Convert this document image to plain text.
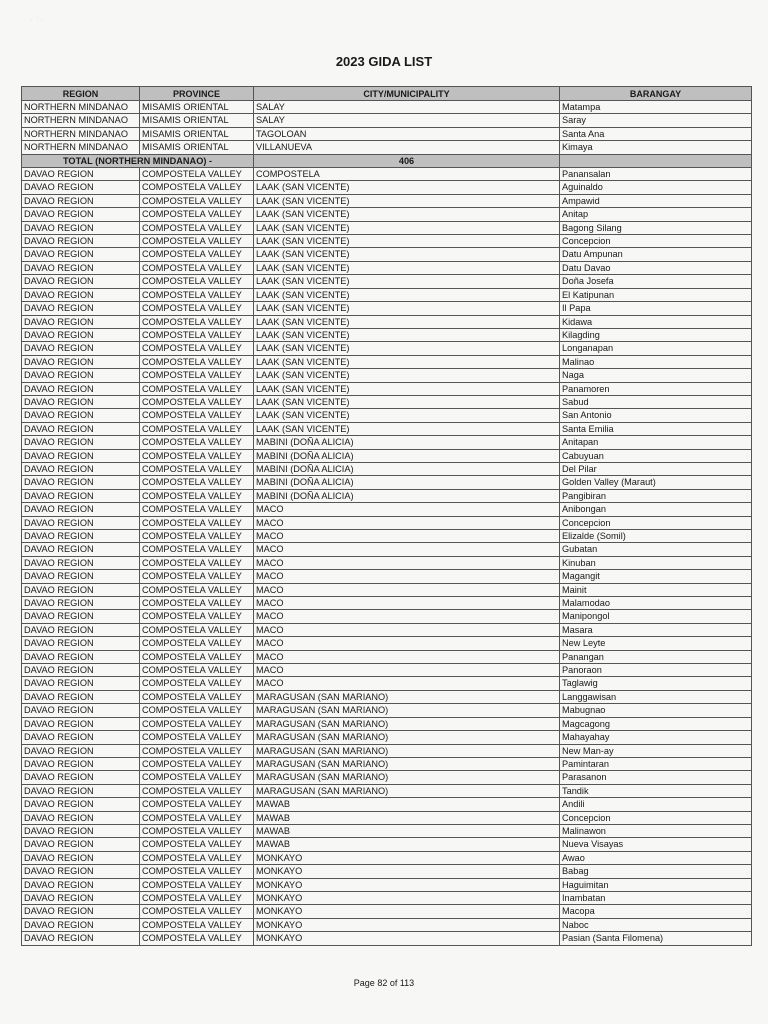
·   ˙ ·
2023 GIDA LIST
REGION	PROVINCE	CITY/MUNICIPALITY	BARANGAY
NORTHERN MINDANAO	MISAMIS ORIENTAL	SALAY	Matampa
NORTHERN MINDANAO	MISAMIS ORIENTAL	SALAY	Saray
NORTHERN MINDANAO	MISAMIS ORIENTAL	TAGOLOAN	Santa Ana
NORTHERN MINDANAO	MISAMIS ORIENTAL	VILLANUEVA	Kimaya
TOTAL (NORTHERN MINDANAO) -		406	
DAVAO REGION	COMPOSTELA VALLEY	COMPOSTELA	Panansalan
DAVAO REGION	COMPOSTELA VALLEY	LAAK (SAN VICENTE)	Aguinaldo
DAVAO REGION	COMPOSTELA VALLEY	LAAK (SAN VICENTE)	Ampawid
DAVAO REGION	COMPOSTELA VALLEY	LAAK (SAN VICENTE)	Anitap
DAVAO REGION	COMPOSTELA VALLEY	LAAK (SAN VICENTE)	Bagong Silang
DAVAO REGION	COMPOSTELA VALLEY	LAAK (SAN VICENTE)	Concepcion
DAVAO REGION	COMPOSTELA VALLEY	LAAK (SAN VICENTE)	Datu Ampunan
DAVAO REGION	COMPOSTELA VALLEY	LAAK (SAN VICENTE)	Datu Davao
DAVAO REGION	COMPOSTELA VALLEY	LAAK (SAN VICENTE)	Doña Josefa
DAVAO REGION	COMPOSTELA VALLEY	LAAK (SAN VICENTE)	El Katipunan
DAVAO REGION	COMPOSTELA VALLEY	LAAK (SAN VICENTE)	Il Papa
DAVAO REGION	COMPOSTELA VALLEY	LAAK (SAN VICENTE)	Kidawa
DAVAO REGION	COMPOSTELA VALLEY	LAAK (SAN VICENTE)	Kilagding
DAVAO REGION	COMPOSTELA VALLEY	LAAK (SAN VICENTE)	Longanapan
DAVAO REGION	COMPOSTELA VALLEY	LAAK (SAN VICENTE)	Malinao
DAVAO REGION	COMPOSTELA VALLEY	LAAK (SAN VICENTE)	Naga
DAVAO REGION	COMPOSTELA VALLEY	LAAK (SAN VICENTE)	Panamoren
DAVAO REGION	COMPOSTELA VALLEY	LAAK (SAN VICENTE)	Sabud
DAVAO REGION	COMPOSTELA VALLEY	LAAK (SAN VICENTE)	San Antonio
DAVAO REGION	COMPOSTELA VALLEY	LAAK (SAN VICENTE)	Santa Emilia
DAVAO REGION	COMPOSTELA VALLEY	MABINI (DOÑA ALICIA)	Anitapan
DAVAO REGION	COMPOSTELA VALLEY	MABINI (DOÑA ALICIA)	Cabuyuan
DAVAO REGION	COMPOSTELA VALLEY	MABINI (DOÑA ALICIA)	Del Pilar
DAVAO REGION	COMPOSTELA VALLEY	MABINI (DOÑA ALICIA)	Golden Valley (Maraut)
DAVAO REGION	COMPOSTELA VALLEY	MABINI (DOÑA ALICIA)	Pangibiran
DAVAO REGION	COMPOSTELA VALLEY	MACO	Anibongan
DAVAO REGION	COMPOSTELA VALLEY	MACO	Concepcion
DAVAO REGION	COMPOSTELA VALLEY	MACO	Elizalde (Somil)
DAVAO REGION	COMPOSTELA VALLEY	MACO	Gubatan
DAVAO REGION	COMPOSTELA VALLEY	MACO	Kinuban
DAVAO REGION	COMPOSTELA VALLEY	MACO	Magangit
DAVAO REGION	COMPOSTELA VALLEY	MACO	Mainit
DAVAO REGION	COMPOSTELA VALLEY	MACO	Malamodao
DAVAO REGION	COMPOSTELA VALLEY	MACO	Manipongol
DAVAO REGION	COMPOSTELA VALLEY	MACO	Masara
DAVAO REGION	COMPOSTELA VALLEY	MACO	New Leyte
DAVAO REGION	COMPOSTELA VALLEY	MACO	Panangan
DAVAO REGION	COMPOSTELA VALLEY	MACO	Panoraon
DAVAO REGION	COMPOSTELA VALLEY	MACO	Taglawig
DAVAO REGION	COMPOSTELA VALLEY	MARAGUSAN (SAN MARIANO)	Langgawisan
DAVAO REGION	COMPOSTELA VALLEY	MARAGUSAN (SAN MARIANO)	Mabugnao
DAVAO REGION	COMPOSTELA VALLEY	MARAGUSAN (SAN MARIANO)	Magcagong
DAVAO REGION	COMPOSTELA VALLEY	MARAGUSAN (SAN MARIANO)	Mahayahay
DAVAO REGION	COMPOSTELA VALLEY	MARAGUSAN (SAN MARIANO)	New Man-ay
DAVAO REGION	COMPOSTELA VALLEY	MARAGUSAN (SAN MARIANO)	Pamintaran
DAVAO REGION	COMPOSTELA VALLEY	MARAGUSAN (SAN MARIANO)	Parasanon
DAVAO REGION	COMPOSTELA VALLEY	MARAGUSAN (SAN MARIANO)	Tandik
DAVAO REGION	COMPOSTELA VALLEY	MAWAB	Andili
DAVAO REGION	COMPOSTELA VALLEY	MAWAB	Concepcion
DAVAO REGION	COMPOSTELA VALLEY	MAWAB	Malinawon
DAVAO REGION	COMPOSTELA VALLEY	MAWAB	Nueva Visayas
DAVAO REGION	COMPOSTELA VALLEY	MONKAYO	Awao
DAVAO REGION	COMPOSTELA VALLEY	MONKAYO	Babag
DAVAO REGION	COMPOSTELA VALLEY	MONKAYO	Haguimitan
DAVAO REGION	COMPOSTELA VALLEY	MONKAYO	Inambatan
DAVAO REGION	COMPOSTELA VALLEY	MONKAYO	Macopa
DAVAO REGION	COMPOSTELA VALLEY	MONKAYO	Naboc
DAVAO REGION	COMPOSTELA VALLEY	MONKAYO	Pasian (Santa Filomena)
Page 82 of 113
